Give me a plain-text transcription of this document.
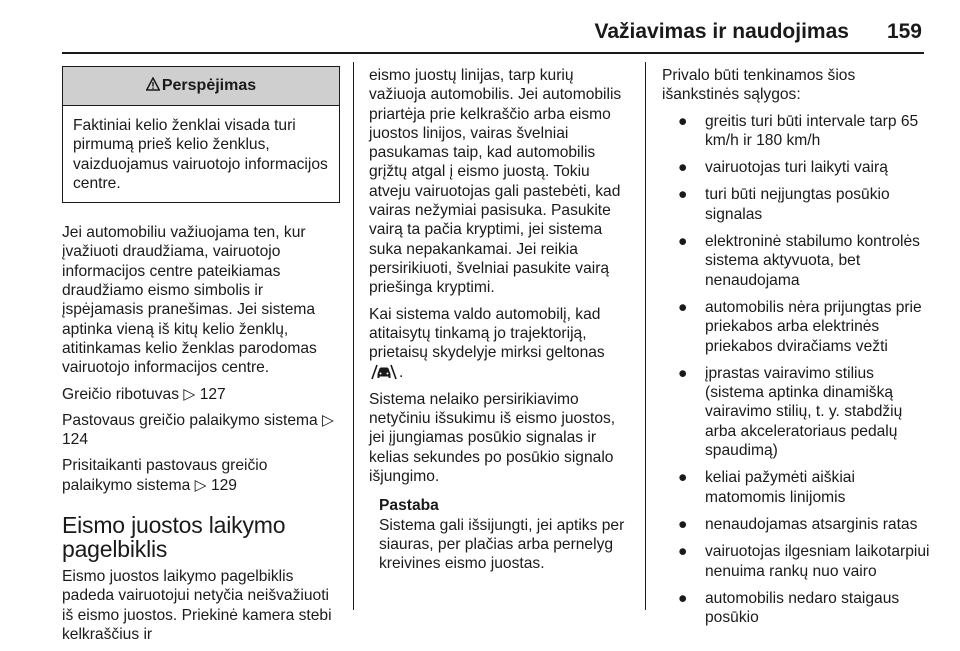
Važiavimas ir naudojimas 159
Perspėjimas
Faktiniai kelio ženklai visada turi pirmumą prieš kelio ženklus, vaizduojamus vairuotojo informacijos centre.

Jei automobiliu važiuojama ten, kur įvažiuoti draudžiama, vairuotojo informacijos centre pateikiamas draudžiamo eismo simbolis ir įspėjamasis pranešimas. Jei sistema aptinka vieną iš kitų kelio ženklų, atitinkamas kelio ženklas parodomas vairuotojo informacijos centre.

Greičio ribotuvas ▷ 127

Pastovaus greičio palaikymo sistema ▷ 124

Prisitaikanti pastovaus greičio palaikymo sistema ▷ 129

Eismo juostos laikymo pagelbiklis

Eismo juostos laikymo pagelbiklis padeda vairuotojui netyčia neišvažiuoti iš eismo juostos. Priekinė kamera stebi kelkraščius ir

eismo juostų linijas, tarp kurių važiuoja automobilis. Jei automobilis priartėja prie kelkraščio arba eismo juostos linijos, vairas švelniai pasukamas taip, kad automobilis grįžtų atgal į eismo juostą. Tokiu atveju vairuotojas gali pastebėti, kad vairas nežymiai pasisuka. Pasukite vairą ta pačia kryptimi, jei sistema suka nepakankamai. Jei reikia persirikiuoti, švelniai pasukite vairą priešinga kryptimi.

Kai sistema valdo automobilį, kad atitaisytų tinkamą jo trajektoriją, prietaisų skydelyje mirksi geltonas
.

Sistema nelaiko persirikiavimo netyčiniu išsukimu iš eismo juostos, jei įjungiamas posūkio signalas ir kelias sekundes po posūkio signalo išjungimo.

Pastaba
Sistema gali išsijungti, jei aptiks per siauras, per plačias arba pernelyg kreivines eismo juostas.

Privalo būti tenkinamos šios išankstinės sąlygos:

● greitis turi būti intervale tarp 65 km/h ir 180 km/h
● vairuotojas turi laikyti vairą
● turi būti neįjungtas posūkio signalas
● elektroninė stabilumo kontrolės sistema aktyvuota, bet nenaudojama
● automobilis nėra prijungtas prie priekabos arba elektrinės priekabos dviračiams vežti
● įprastas vairavimo stilius (sistema aptinka dinamišką vairavimo stilių, t. y. stabdžių arba akceleratoriaus pedalų spaudimą)
● keliai pažymėti aiškiai matomomis linijomis
● nenaudojamas atsarginis ratas
● vairuotojas ilgesniam laikotarpiui nenuima rankų nuo vairo
● automobilis nedaro staigaus posūkio
